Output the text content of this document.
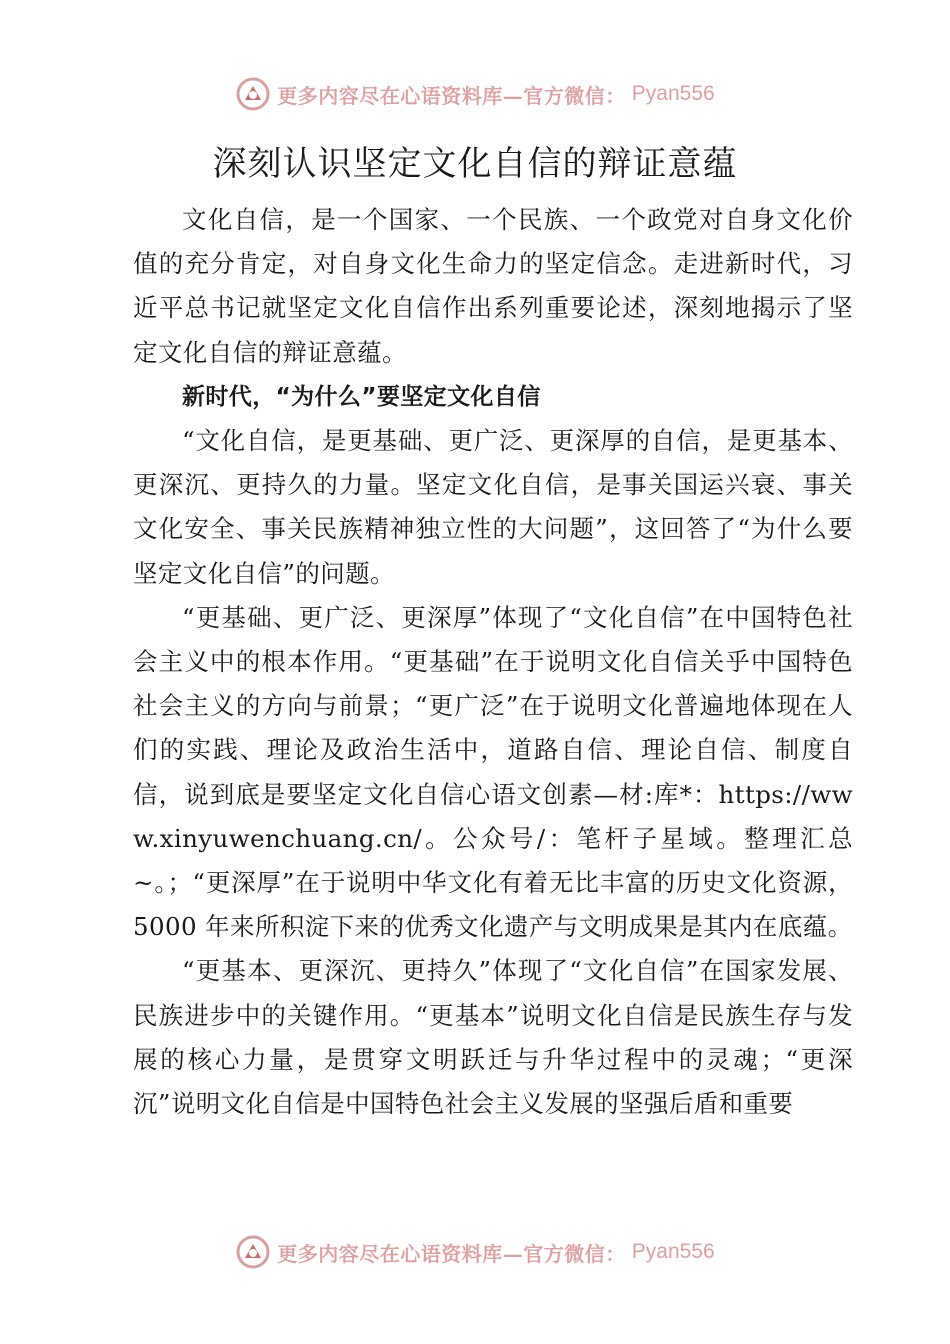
更多内容尽在心语资料库—官方微信： Pyan556
深刻认识坚定文化自信的辩证意蕴

文化自信，是一个国家、一个民族、一个政党对自身文化价值的充分肯定，对自身文化生命力的坚定信念。走进新时代，习近平总书记就坚定文化自信作出系列重要论述，深刻地揭示了坚定文化自信的辩证意蕴。

新时代，“为什么”要坚定文化自信

“文化自信，是更基础、更广泛、更深厚的自信，是更基本、更深沉、更持久的力量。坚定文化自信，是事关国运兴衰、事关文化安全、事关民族精神独立性的大问题”，这回答了“为什么要坚定文化自信”的问题。

“更基础、更广泛、更深厚”体现了“文化自信”在中国特色社会主义中的根本作用。“更基础”在于说明文化自信关乎中国特色社会主义的方向与前景；“更广泛”在于说明文化普遍地体现在人们的实践、理论及政治生活中，道路自信、理论自信、制度自信，说到底是要坚定文化自信心语文创素—材:库*：https://www.xinyuwenchuang.cn/。公众号/：笔杆子星域。整理汇总~。；“更深厚”在于说明中华文化有着无比丰富的历史文化资源，5000 年来所积淀下来的优秀文化遗产与文明成果是其内在底蕴。

“更基本、更深沉、更持久”体现了“文化自信”在国家发展、民族进步中的关键作用。“更基本”说明文化自信是民族生存与发展的核心力量，是贯穿文明跃迁与升华过程中的灵魂；“更深沉”说明文化自信是中国特色社会主义发展的坚强后盾和重要

更多内容尽在心语资料库—官方微信： Pyan556
